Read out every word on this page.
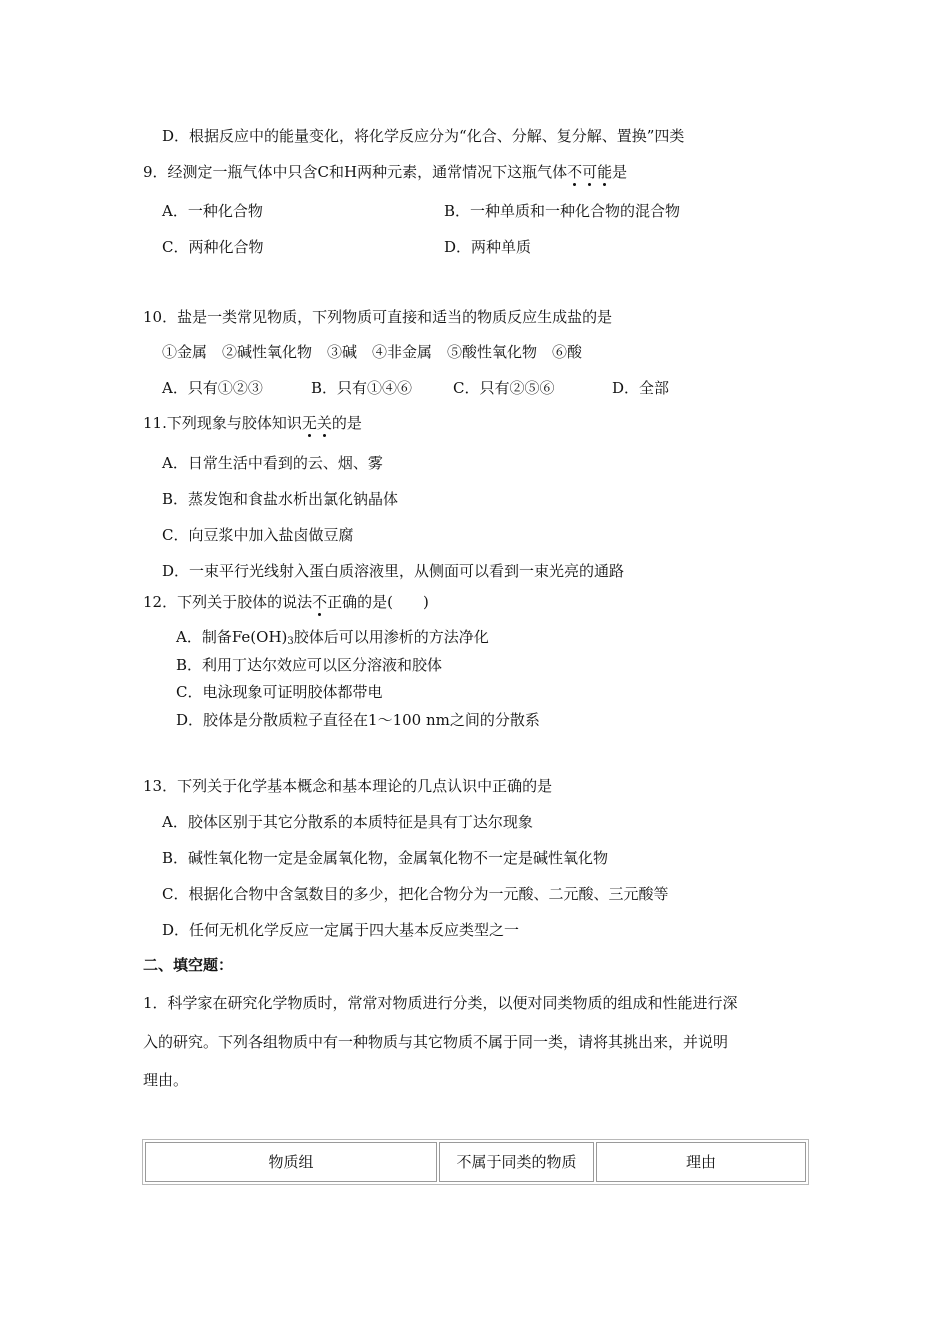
D．根据反应中的能量变化，将化学反应分为“化合、分解、复分解、置换”四类
9．经测定一瓶气体中只含C和H两种元素，通常情况下这瓶气体不可能是
A．一种化合物	B．一种单质和一种化合物的混合物
C．两种化合物	D．两种单质
10．盐是一类常见物质，下列物质可直接和适当的物质反应生成盐的是
①金属　②碱性氧化物　③碱　④非金属　⑤酸性氧化物　⑥酸
A．只有①②③	B．只有①④⑥	C．只有②⑤⑥	D．全部
11.下列现象与胶体知识无关的是
A．日常生活中看到的云、烟、雾
B．蒸发饱和食盐水析出氯化钠晶体
C．向豆浆中加入盐卤做豆腐
D．一束平行光线射入蛋白质溶液里，从侧面可以看到一束光亮的通路
12．下列关于胶体的说法不正确的是(　　)
A．制备$Fe(OH)_3$胶体后可以用渗析的方法净化
B．利用丁达尔效应可以区分溶液和胶体
C．电泳现象可证明胶体都带电
D．胶体是分散质粒子直径在1～100 nm之间的分散系
13．下列关于化学基本概念和基本理论的几点认识中正确的是
A．胶体区别于其它分散系的本质特征是具有丁达尔现象
B．碱性氧化物一定是金属氧化物，金属氧化物不一定是碱性氧化物
C．根据化合物中含氢数目的多少，把化合物分为一元酸、二元酸、三元酸等
D．任何无机化学反应一定属于四大基本反应类型之一
二、填空题：
1．科学家在研究化学物质时，常常对物质进行分类，以便对同类物质的组成和性能进行深
入的研究。下列各组物质中有一种物质与其它物质不属于同一类，请将其挑出来，并说明
理由。
物质组	不属于同类的物质	理由
